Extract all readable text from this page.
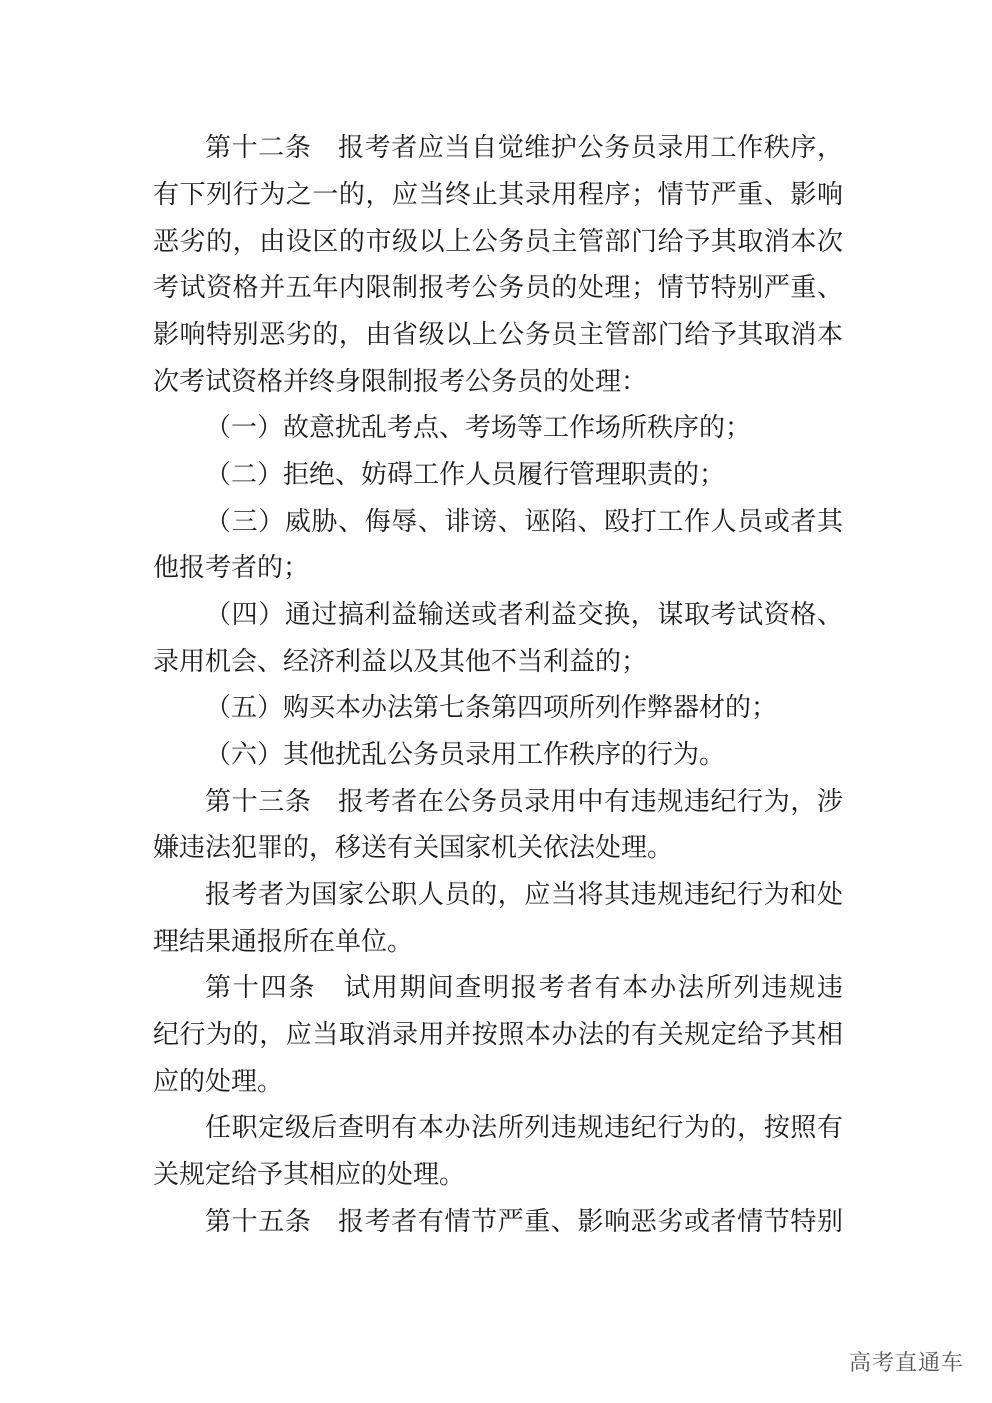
第十二条　报考者应当自觉维护公务员录用工作秩序，
有下列行为之一的，应当终止其录用程序；情节严重、影响
恶劣的，由设区的市级以上公务员主管部门给予其取消本次
考试资格并五年内限制报考公务员的处理；情节特别严重、
影响特别恶劣的，由省级以上公务员主管部门给予其取消本
次考试资格并终身限制报考公务员的处理：
（一）故意扰乱考点、考场等工作场所秩序的；
（二）拒绝、妨碍工作人员履行管理职责的；
（三）威胁、侮辱、诽谤、诬陷、殴打工作人员或者其
他报考者的；
（四）通过搞利益输送或者利益交换，谋取考试资格、
录用机会、经济利益以及其他不当利益的；
（五）购买本办法第七条第四项所列作弊器材的；
（六）其他扰乱公务员录用工作秩序的行为。
第十三条　报考者在公务员录用中有违规违纪行为，涉
嫌违法犯罪的，移送有关国家机关依法处理。
报考者为国家公职人员的，应当将其违规违纪行为和处
理结果通报所在单位。
第十四条　试用期间查明报考者有本办法所列违规违
纪行为的，应当取消录用并按照本办法的有关规定给予其相
应的处理。
任职定级后查明有本办法所列违规违纪行为的，按照有
关规定给予其相应的处理。
第十五条　报考者有情节严重、影响恶劣或者情节特别
高考直通车
